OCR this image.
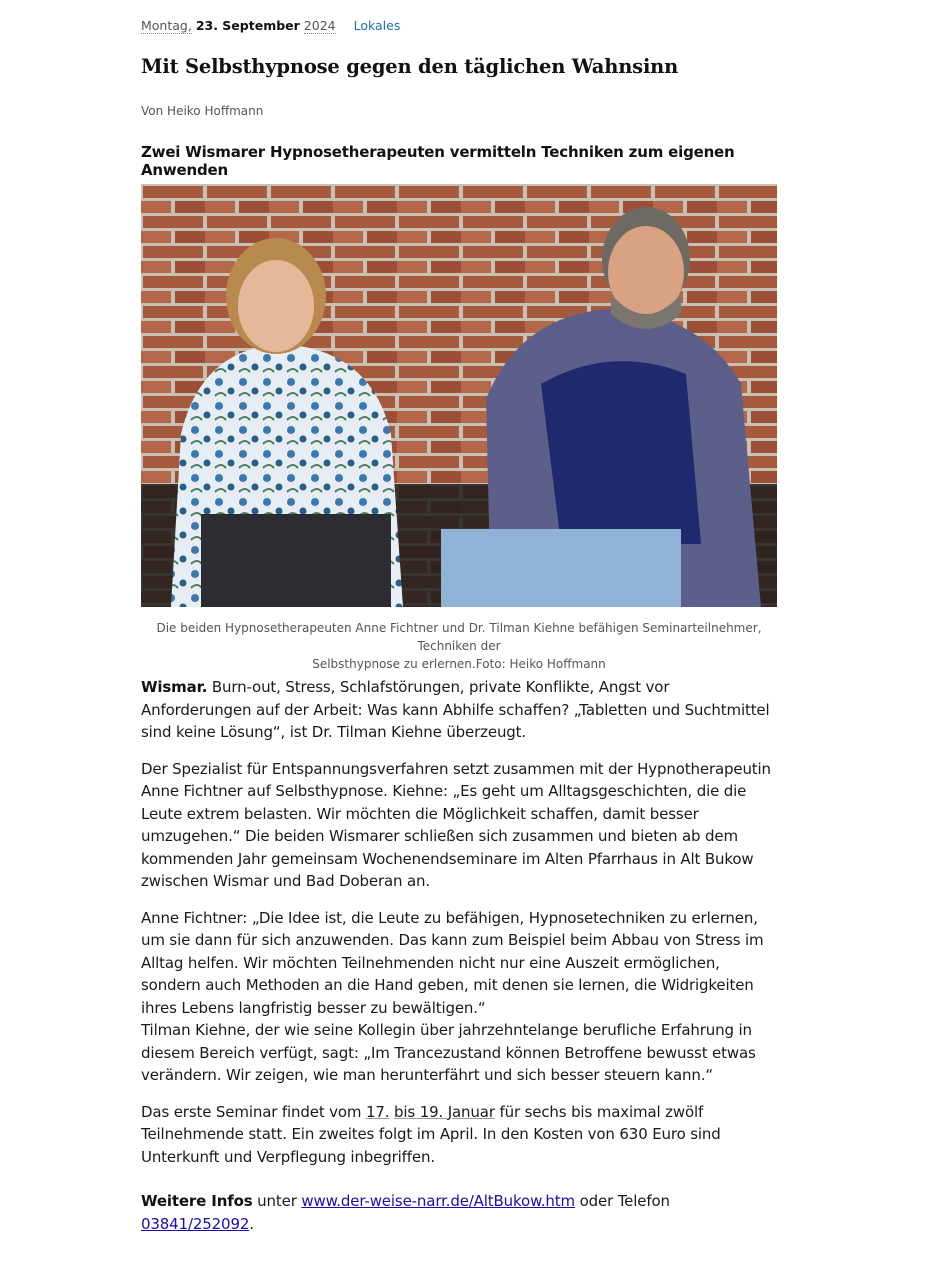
Montag, 23. September 2024 Lokales
Mit Selbsthypnose gegen den täglichen Wahnsinn
Von Heiko Hoffmann
Zwei Wismarer Hypnosetherapeuten vermitteln Techniken zum eigenen Anwenden
Die beiden Hypnosetherapeuten Anne Fichtner und Dr. Tilman Kiehne befähigen Seminarteilnehmer, Techniken der
Selbsthypnose zu erlernen.Foto: Heiko Hoffmann

Wismar. Burn-out, Stress, Schlafstörungen, private Konflikte, Angst vor Anforderungen auf der Arbeit: Was kann Abhilfe schaffen? „Tabletten und Suchtmittel sind keine Lösung“, ist Dr. Tilman Kiehne überzeugt.

Der Spezialist für Entspannungsverfahren setzt zusammen mit der Hypnotherapeutin Anne Fichtner auf Selbsthypnose. Kiehne: „Es geht um Alltagsgeschichten, die die Leute extrem belasten. Wir möchten die Möglichkeit schaffen, damit besser umzugehen.“ Die beiden Wismarer schließen sich zusammen und bieten ab dem kommenden Jahr gemeinsam Wochenendseminare im Alten Pfarrhaus in Alt Bukow zwischen Wismar und Bad Doberan an.

Anne Fichtner: „Die Idee ist, die Leute zu befähigen, Hypnosetechniken zu erlernen, um sie dann für sich anzuwenden. Das kann zum Beispiel beim Abbau von Stress im Alltag helfen. Wir möchten Teilnehmenden nicht nur eine Auszeit ermöglichen, sondern auch Methoden an die Hand geben, mit denen sie lernen, die Widrigkeiten ihres Lebens langfristig besser zu bewältigen.“
Tilman Kiehne, der wie seine Kollegin über jahrzehntelange berufliche Erfahrung in diesem Bereich verfügt, sagt: „Im Trancezustand können Betroffene bewusst etwas verändern. Wir zeigen, wie man herunterfährt und sich besser steuern kann.“

Das erste Seminar findet vom 17. bis 19. Januar für sechs bis maximal zwölf Teilnehmende statt. Ein zweites folgt im April. In den Kosten von 630 Euro sind Unterkunft und Verpflegung inbegriffen.

Weitere Infos unter www.der-weise-narr.de/AltBukow.htm oder Telefon 03841/252092.
